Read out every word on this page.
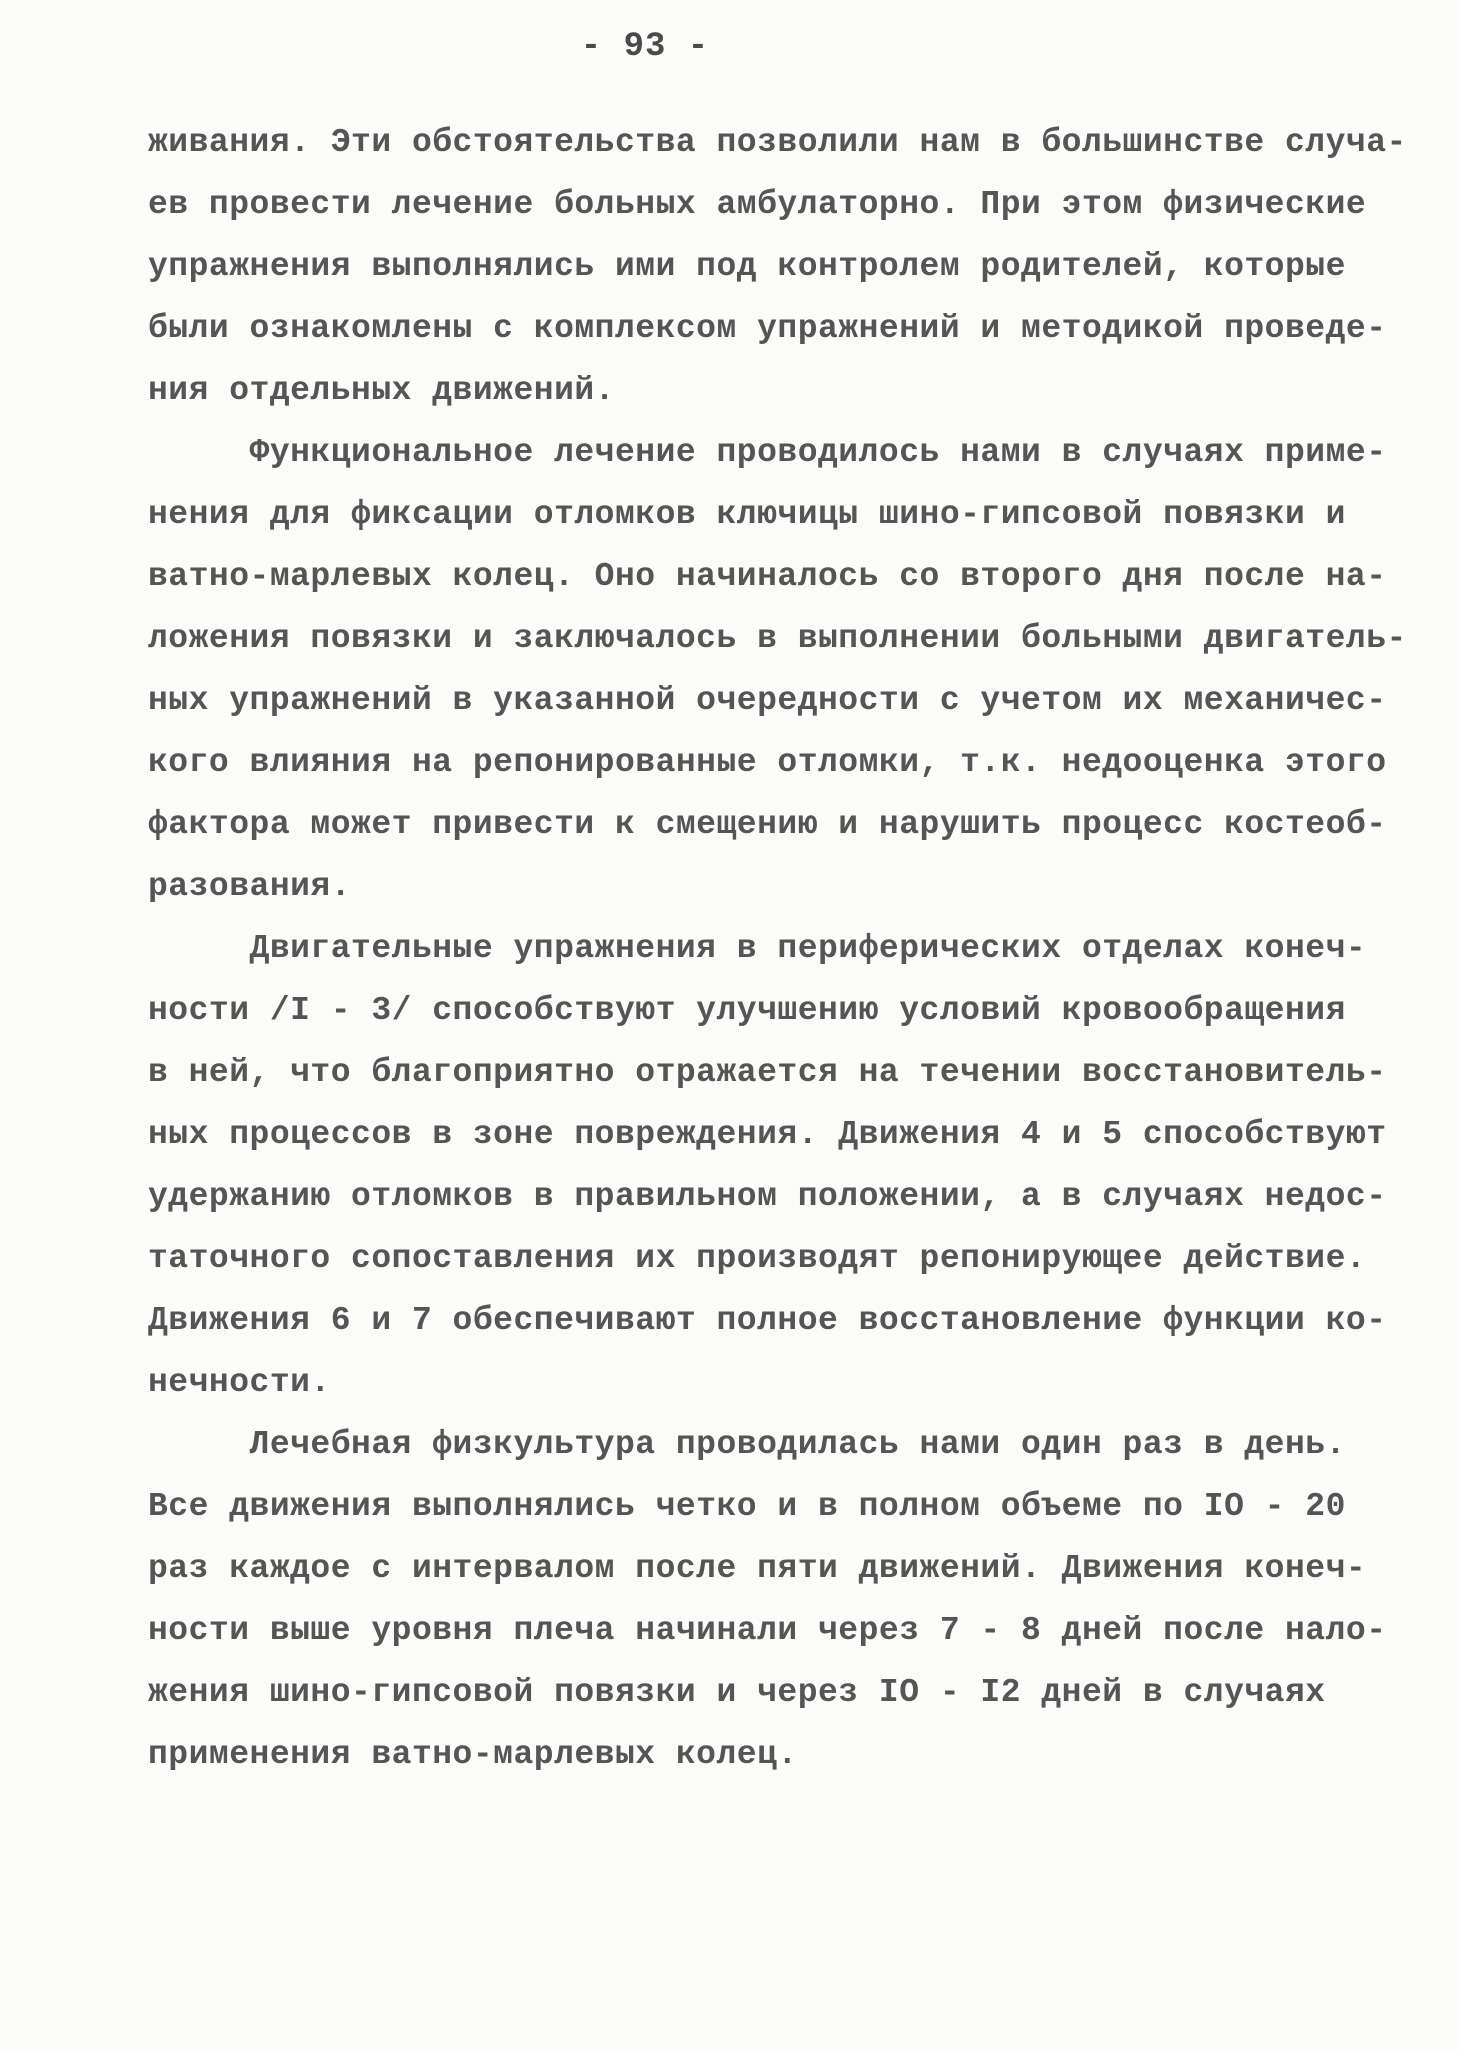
- 93 -
живания. Эти обстоятельства позволили нам в большинстве случа-
ев провести лечение больных амбулаторно. При этом физические
упражнения выполнялись ими под контролем родителей, которые
были ознакомлены с комплексом упражнений и методикой проведе-
ния отдельных движений.
Функциональное лечение проводилось нами в случаях приме-
нения для фиксации отломков ключицы шино-гипсовой повязки и
ватно-марлевых колец. Оно начиналось со второго дня после на-
ложения повязки и заключалось в выполнении больными двигатель-
ных упражнений в указанной очередности с учетом их механичес-
кого влияния на репонированные отломки, т.к. недооценка этого
фактора может привести к смещению и нарушить процесс костеоб-
разования.
Двигательные упражнения в периферических отделах конеч-
ности /I - 3/ способствуют улучшению условий кровообращения
в ней, что благоприятно отражается на течении восстановитель-
ных процессов в зоне повреждения. Движения 4 и 5 способствуют
удержанию отломков в правильном положении, а в случаях недос-
таточного сопоставления их производят репонирующее действие.
Движения 6 и 7 обеспечивают полное восстановление функции ко-
нечности.
Лечебная физкультура проводилась нами один раз в день.
Все движения выполнялись четко и в полном объеме по IO - 20
раз каждое с интервалом после пяти движений. Движения конеч-
ности выше уровня плеча начинали через 7 - 8 дней после нало-
жения шино-гипсовой повязки и через IO - I2 дней в случаях
применения ватно-марлевых колец.
